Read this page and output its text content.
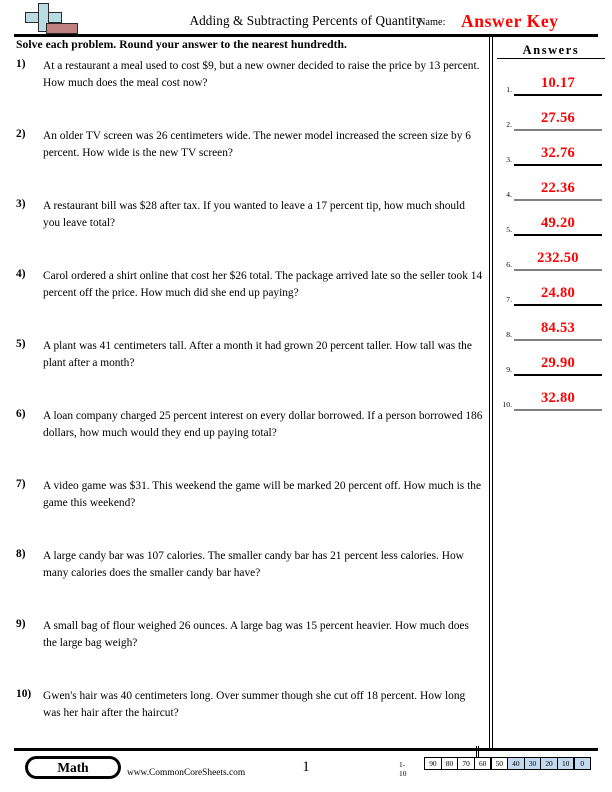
Adding & Subtracting Percents of Quantity
Name: Answer Key
Solve each problem. Round your answer to the nearest hundredth.
1)	At a restaurant a meal used to cost $9, but a new owner decided to raise the price by 13 percent. How much does the meal cost now?
2)	An older TV screen was 26 centimeters wide. The newer model increased the screen size by 6 percent. How wide is the new TV screen?
3)	A restaurant bill was $28 after tax. If you wanted to leave a 17 percent tip, how much should you leave total?
4)	Carol ordered a shirt online that cost her $26 total. The package arrived late so the seller took 14 percent off the price. How much did she end up paying?
5)	A plant was 41 centimeters tall. After a month it had grown 20 percent taller. How tall was the plant after a month?
6)	A loan company charged 25 percent interest on every dollar borrowed. If a person borrowed 186 dollars, how much would they end up paying total?
7)	A video game was $31. This weekend the game will be marked 20 percent off. How much is the game this weekend?
8)	A large candy bar was 107 calories. The smaller candy bar has 21 percent less calories. How many calories does the smaller candy bar have?
9)	A small bag of flour weighed 26 ounces. A large bag was 15 percent heavier. How much does the large bag weigh?
10)	Gwen's hair was 40 centimeters long. Over summer though she cut off 18 percent. How long was her hair after the haircut?
Answers
1.	10.17
2.	27.56
3.	32.76
4.	22.36
5.	49.20
6.	232.50
7.	24.80
8.	84.53
9.	29.90
10.	32.80
Math	www.CommonCoreSheets.com	1	1-10
90	80	70	60	50	40	30	20	10	0
